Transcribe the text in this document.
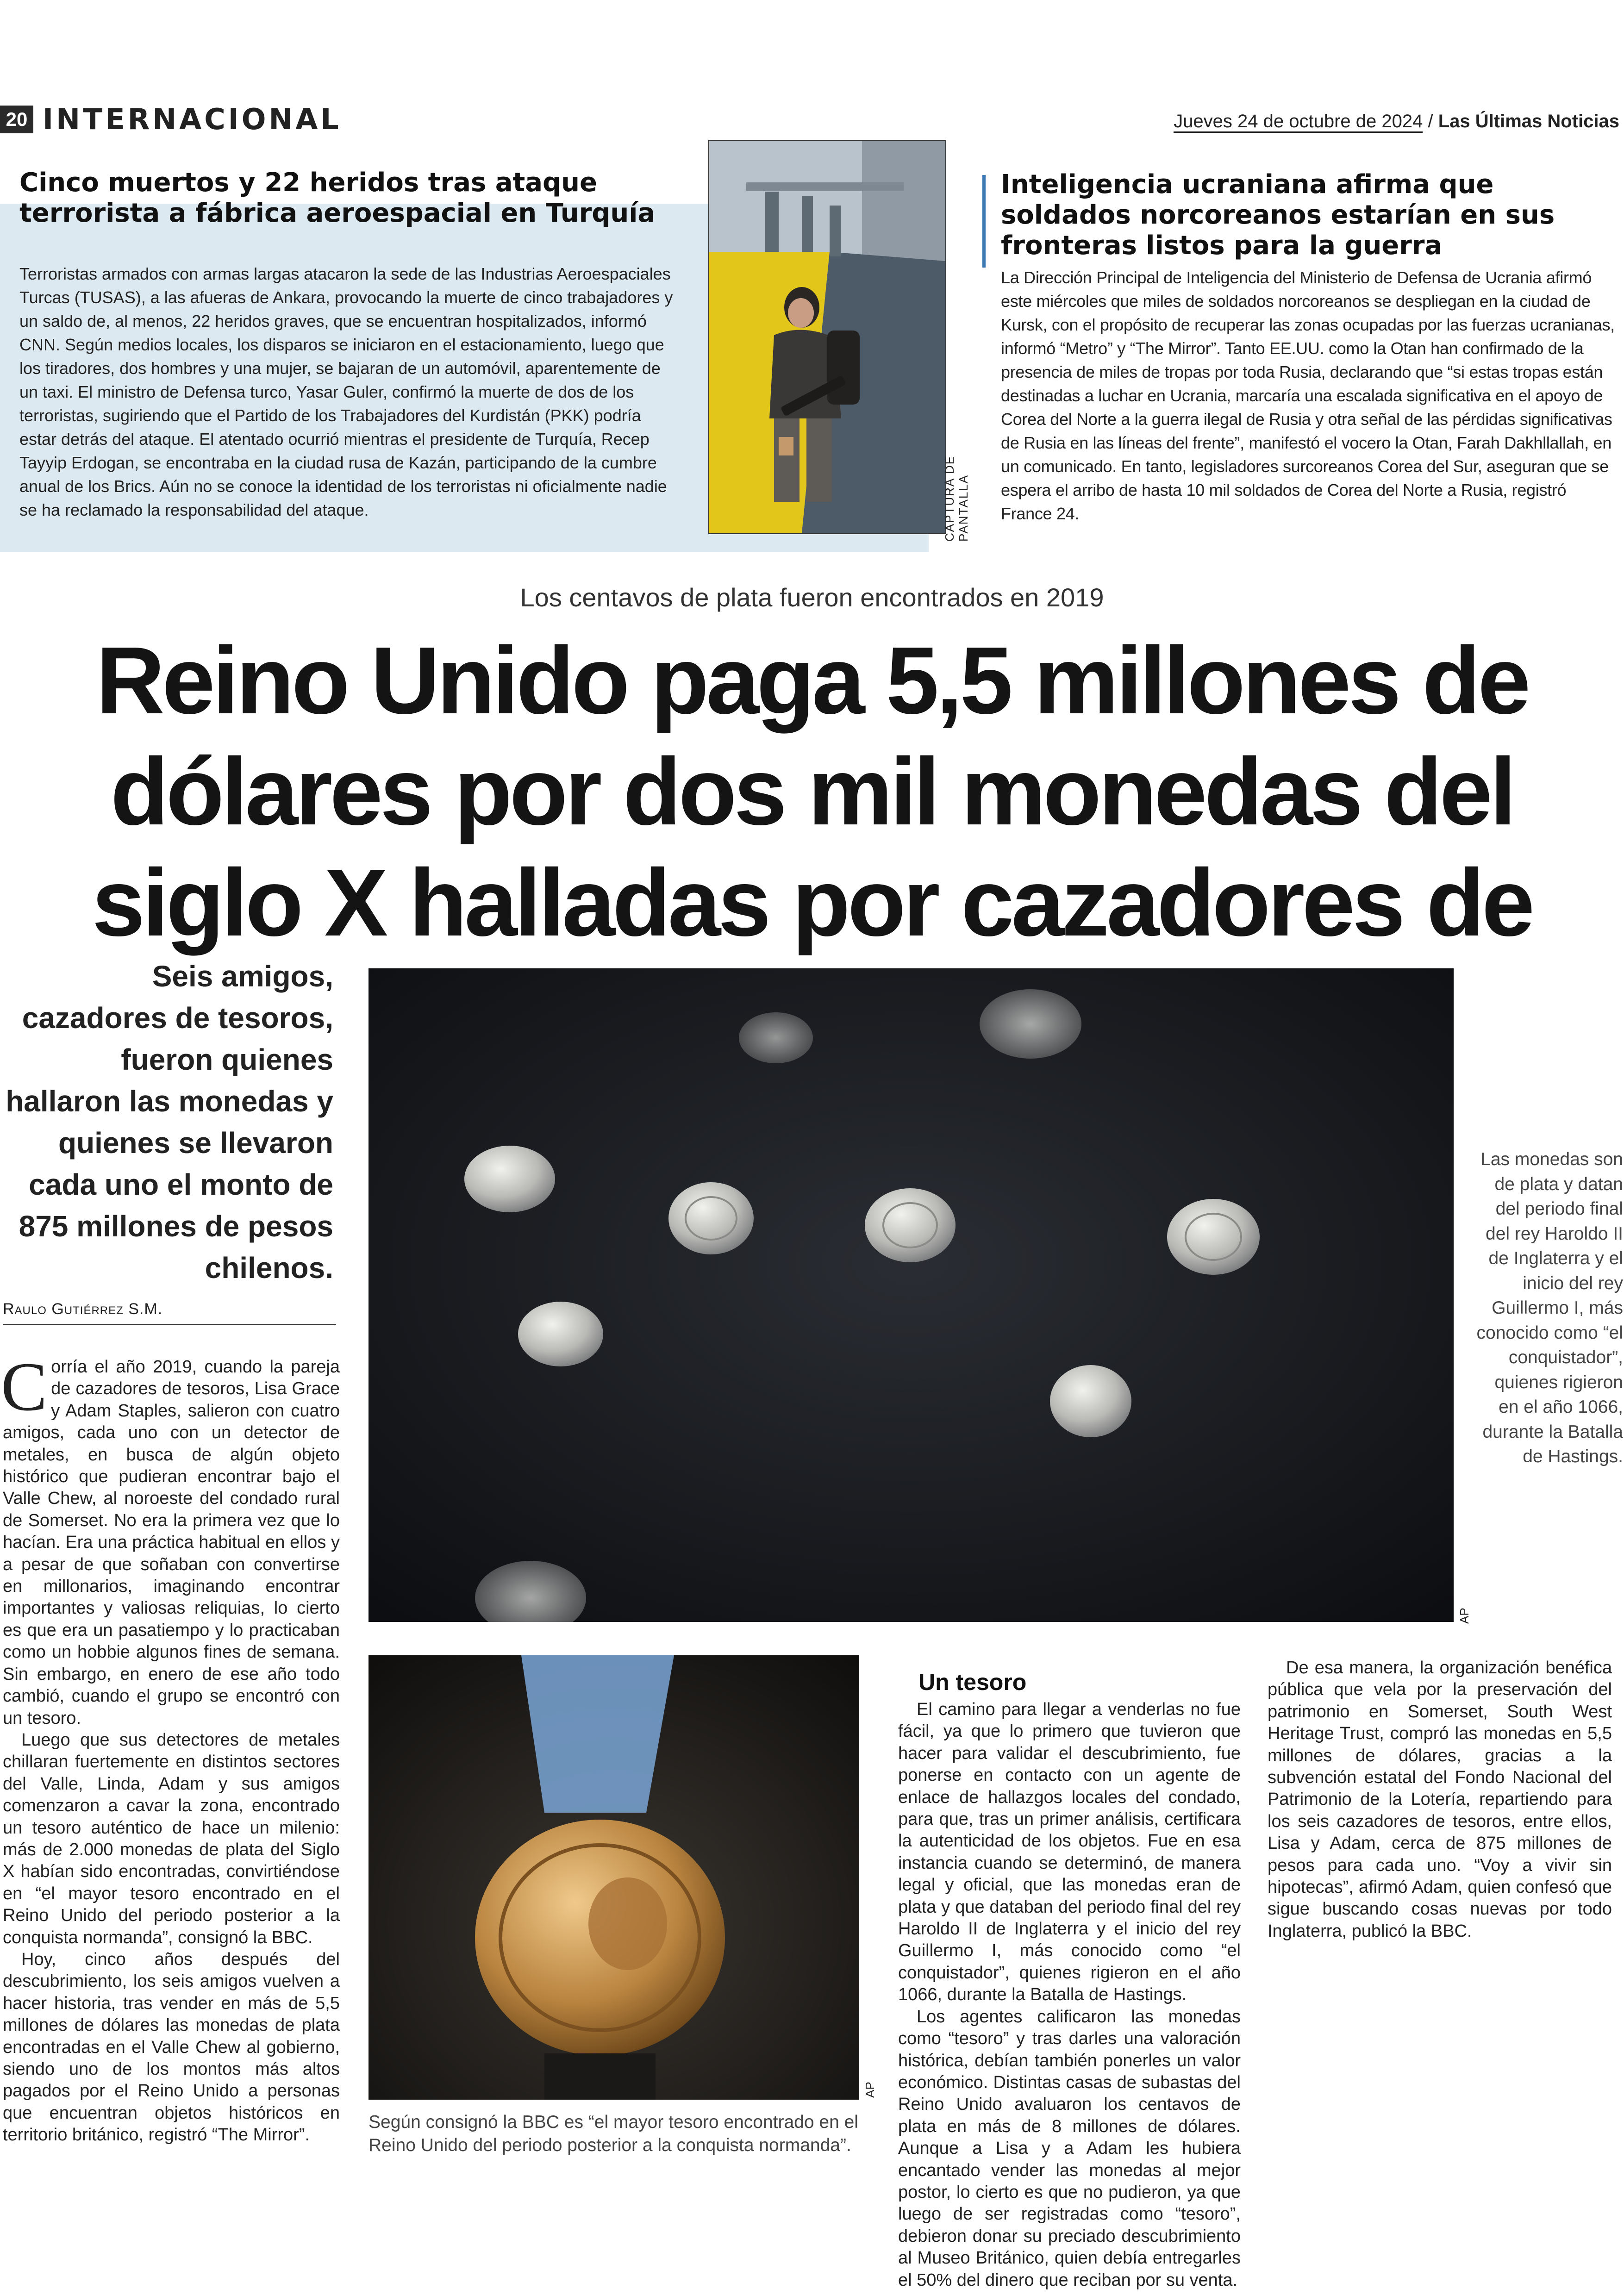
20 INTERNACIONAL	Jueves 24 de octubre de 2024 / Las Últimas Noticias
Cinco muertos y 22 heridos tras ataque terrorista a fábrica aeroespacial en Turquía

Terroristas armados con armas largas atacaron la sede de las Industrias Aeroespaciales Turcas (TUSAS), a las afueras de Ankara, provocando la muerte de cinco trabajadores y un saldo de, al menos, 22 heridos graves, que se encuentran hospitalizados, informó CNN. Según medios locales, los disparos se iniciaron en el estacionamiento, luego que los tiradores, dos hombres y una mujer, se bajaran de un automóvil, aparentemente de un taxi. El ministro de Defensa turco, Yasar Guler, confirmó la muerte de dos de los terroristas, sugiriendo que el Partido de los Trabajadores del Kurdistán (PKK) podría estar detrás del ataque. El atentado ocurrió mientras el presidente de Turquía, Recep Tayyip Erdogan, se encontraba en la ciudad rusa de Kazán, participando de la cumbre anual de los Brics. Aún no se conoce la identidad de los terroristas ni oficialmente nadie se ha reclamado la responsabilidad del ataque.	CAPTURA DE PANTALLA
Inteligencia ucraniana afirma que soldados norcoreanos estarían en sus fronteras listos para la guerra

La Dirección Principal de Inteligencia del Ministerio de Defensa de Ucrania afirmó este miércoles que miles de soldados norcoreanos se despliegan en la ciudad de Kursk, con el propósito de recuperar las zonas ocupadas por las fuerzas ucranianas, informó “Metro” y “The Mirror”. Tanto EE.UU. como la Otan han confirmado de la presencia de miles de tropas por toda Rusia, declarando que “si estas tropas están destinadas a luchar en Ucrania, marcaría una escalada significativa en el apoyo de Corea del Norte a la guerra ilegal de Rusia y otra señal de las pérdidas significativas de Rusia en las líneas del frente”, manifestó el vocero la Otan, Farah Dakhllallah, en un comunicado. En tanto, legisladores surcoreanos Corea del Sur, aseguran que se espera el arribo de hasta 10 mil soldados de Corea del Norte a Rusia, registró France 24.

Los centavos de plata fueron encontrados en 2019
Reino Unido paga 5,5 millones de dólares por dos mil monedas del siglo X halladas por cazadores de

Seis amigos, cazadores de tesoros, fueron quienes hallaron las monedas y quienes se llevaron cada uno el monto de 875 millones de pesos chilenos.

Raulo Gutiérrez S.M.
C orría el año 2019, cuando la pareja de cazadores de tesoros, Lisa Grace y Adam Staples, salieron con cuatro amigos, cada uno con un detector de metales, en busca de algún objeto histórico que pudieran encontrar bajo el Valle Chew, al noroeste del condado rural de Somerset. No era la primera vez que lo hacían. Era una práctica habitual en ellos y a pesar de que soñaban con convertirse en millonarios, imaginando encontrar importantes y valiosas reliquias, lo cierto es que era un pasatiempo y lo practicaban como un hobbie algunos fines de semana. Sin embargo, en enero de ese año todo cambió, cuando el grupo se encontró con un tesoro.

Luego que sus detectores de metales chillaran fuertemente en distintos sectores del Valle, Linda, Adam y sus amigos comenzaron a cavar la zona, encontrado un tesoro auténtico de hace un milenio: más de 2.000 monedas de plata del Siglo X habían sido encontradas, convirtiéndose en “el mayor tesoro encontrado en el Reino Unido del periodo posterior a la conquista normanda”, consignó la BBC.

Hoy, cinco años después del descubrimiento, los seis amigos vuelven a hacer historia, tras vender en más de 5,5 millones de dólares las monedas de plata encontradas en el Valle Chew al gobierno, siendo uno de los montos más altos pagados por el Reino Unido a personas que encuentran objetos históricos en territorio británico, registró “The Mirror”.

AP

Las monedas son de plata y datan del periodo final del rey Haroldo II de Inglaterra y el inicio del rey Guillermo I, más conocido como “el conquistador”, quienes rigieron en el año 1066, durante la Batalla de Hastings.

AP

Según consignó la BBC es “el mayor tesoro encontrado en el Reino Unido del periodo posterior a la conquista normanda”.

Un tesoro

El camino para llegar a venderlas no fue fácil, ya que lo primero que tuvieron que hacer para validar el descubrimiento, fue ponerse en contacto con un agente de enlace de hallazgos locales del condado, para que, tras un primer análisis, certificara la autenticidad de los objetos. Fue en esa instancia cuando se determinó, de manera legal y oficial, que las monedas eran de plata y que databan del periodo final del rey Haroldo II de Inglaterra y el inicio del rey Guillermo I, más conocido como “el conquistador”, quienes rigieron en el año 1066, durante la Batalla de Hastings.

Los agentes calificaron las monedas como “tesoro” y tras darles una valoración histórica, debían también ponerles un valor económico. Distintas casas de subastas del Reino Unido avaluaron los centavos de plata en más de 8 millones de dólares. Aunque a Lisa y a Adam les hubiera encantado vender las monedas al mejor postor, lo cierto es que no pudieron, ya que luego de ser registradas como “tesoro”, debieron donar su preciado descubrimiento al Museo Británico, quien debía entregarles el 50% del dinero que reciban por su venta.

De esa manera, la organización benéfica pública que vela por la preservación del patrimonio en Somerset, South West Heritage Trust, compró las monedas en 5,5 millones de dólares, gracias a la subvención estatal del Fondo Nacional del Patrimonio de la Lotería, repartiendo para los seis cazadores de tesoros, entre ellos, Lisa y Adam, cerca de 875 millones de pesos para cada uno. “Voy a vivir sin hipotecas”, afirmó Adam, quien confesó que sigue buscando cosas nuevas por todo Inglaterra, publicó la BBC.
